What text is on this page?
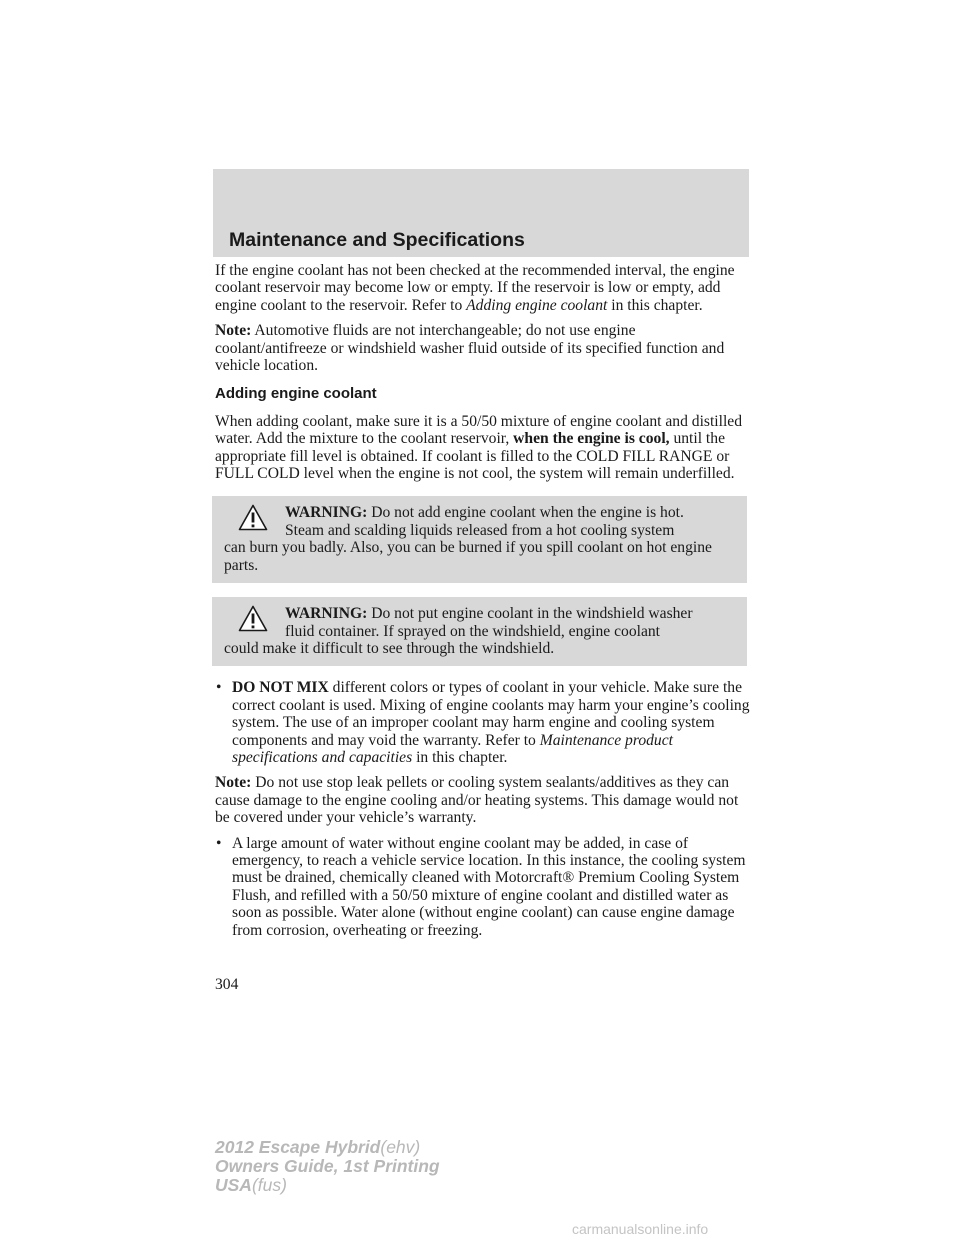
Maintenance and Specifications

If the engine coolant has not been checked at the recommended interval, the engine coolant reservoir may become low or empty. If the reservoir is low or empty, add engine coolant to the reservoir. Refer to Adding engine coolant in this chapter.

Note: Automotive fluids are not interchangeable; do not use engine coolant/antifreeze or windshield washer fluid outside of its specified function and vehicle location.

Adding engine coolant

When adding coolant, make sure it is a 50/50 mixture of engine coolant and distilled water. Add the mixture to the coolant reservoir, when the engine is cool, until the appropriate fill level is obtained. If coolant is filled to the COLD FILL RANGE or FULL COLD level when the engine is not cool, the system will remain underfilled.

WARNING: Do not add engine coolant when the engine is hot.
Steam and scalding liquids released from a hot cooling system
can burn you badly. Also, you can be burned if you spill coolant on hot engine parts.
WARNING: Do not put engine coolant in the windshield washer
fluid container. If sprayed on the windshield, engine coolant
could make it difficult to see through the windshield.
• DO NOT MIX different colors or types of coolant in your vehicle. Make sure the correct coolant is used. Mixing of engine coolants may harm your engine’s cooling system. The use of an improper coolant may harm engine and cooling system components and may void the warranty. Refer to Maintenance product specifications and capacities in this chapter.

Note: Do not use stop leak pellets or cooling system sealants/additives as they can cause damage to the engine cooling and/or heating systems. This damage would not be covered under your vehicle’s warranty.

• A large amount of water without engine coolant may be added, in case of emergency, to reach a vehicle service location. In this instance, the cooling system must be drained, chemically cleaned with Motorcraft® Premium Cooling System Flush, and refilled with a 50/50 mixture of engine coolant and distilled water as soon as possible. Water alone (without engine coolant) can cause engine damage from corrosion, overheating or freezing.
304
2012 Escape Hybrid(ehv)
Owners Guide, 1st Printing
USA(fus)
carmanualsonline.info
